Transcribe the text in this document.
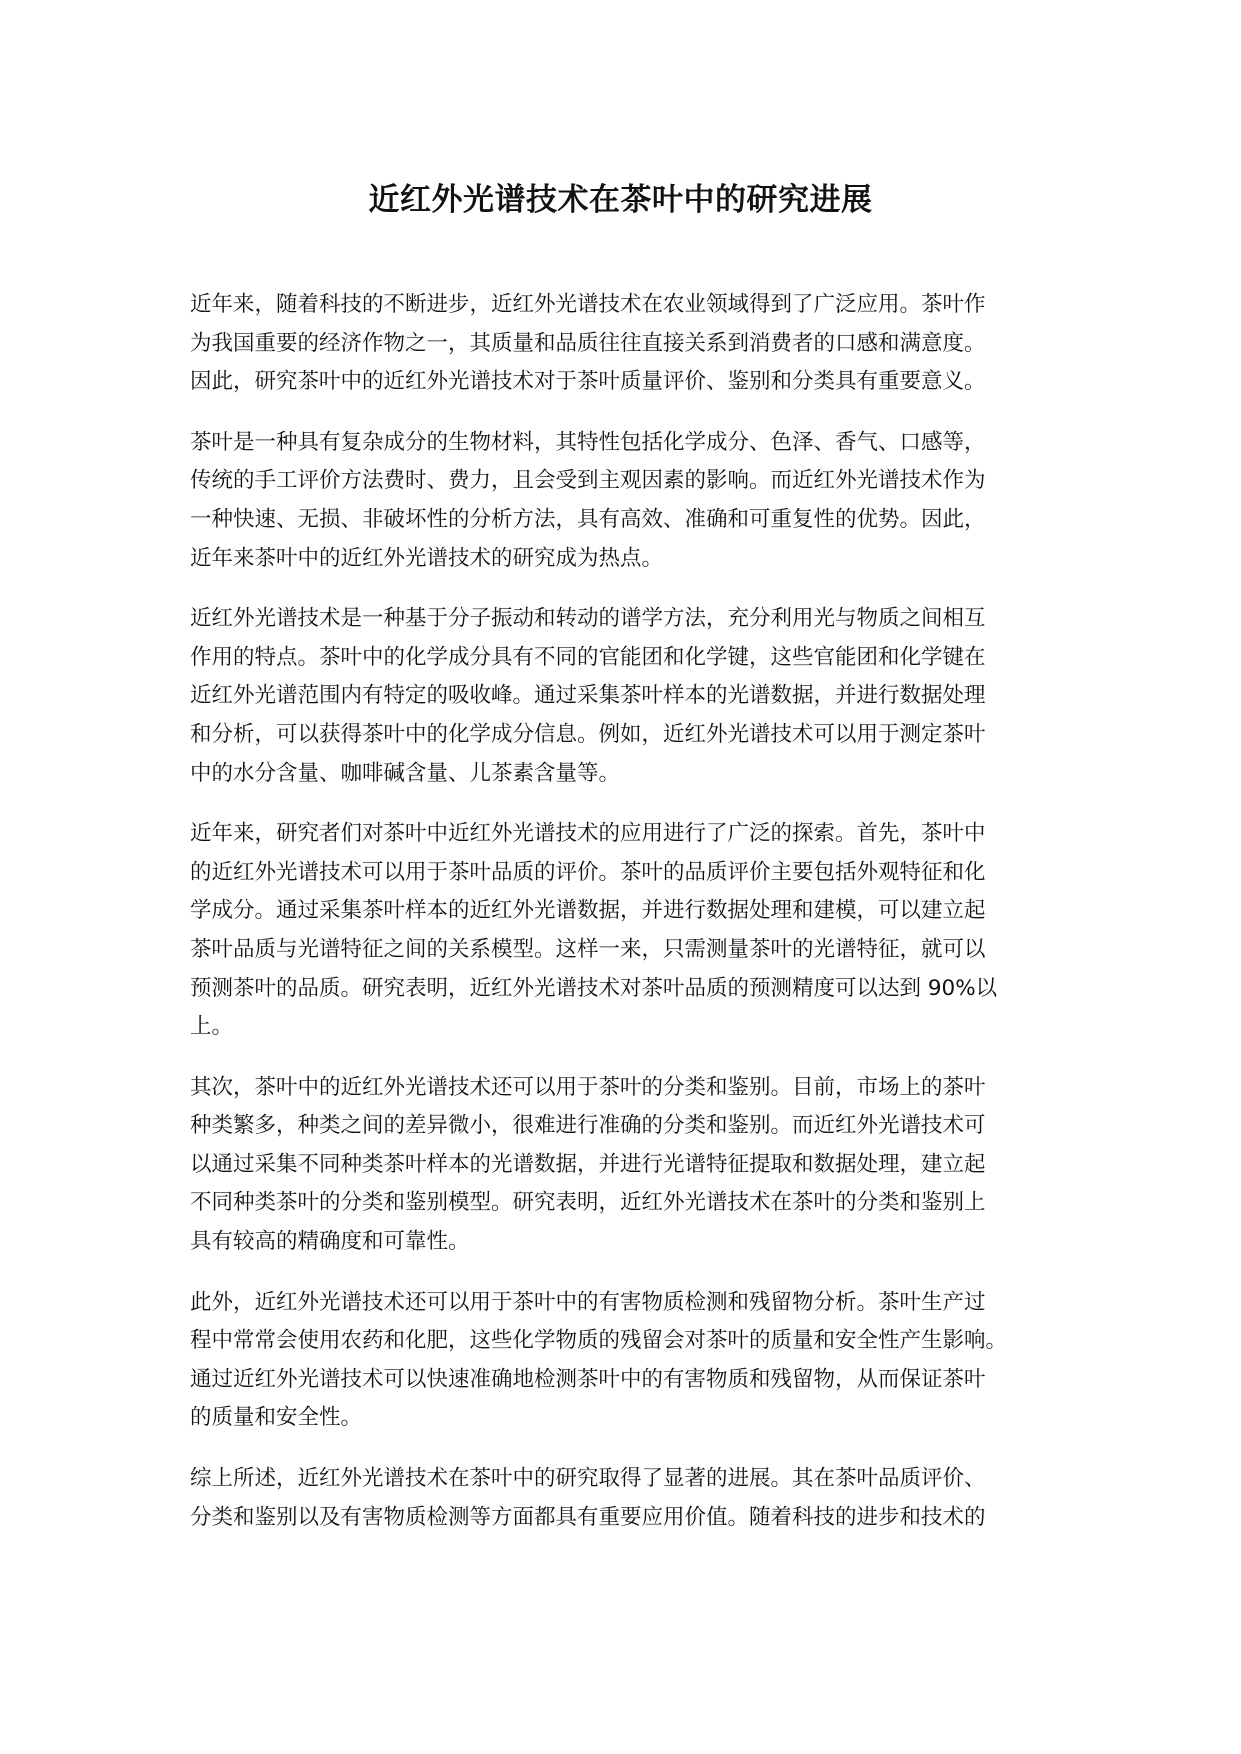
近红外光谱技术在茶叶中的研究进展
近年来，随着科技的不断进步，近红外光谱技术在农业领域得到了广泛应用。茶叶作
为我国重要的经济作物之一，其质量和品质往往直接关系到消费者的口感和满意度。
因此，研究茶叶中的近红外光谱技术对于茶叶质量评价、鉴别和分类具有重要意义。
茶叶是一种具有复杂成分的生物材料，其特性包括化学成分、色泽、香气、口感等，
传统的手工评价方法费时、费力，且会受到主观因素的影响。而近红外光谱技术作为
一种快速、无损、非破坏性的分析方法，具有高效、准确和可重复性的优势。因此，
近年来茶叶中的近红外光谱技术的研究成为热点。
近红外光谱技术是一种基于分子振动和转动的谱学方法，充分利用光与物质之间相互
作用的特点。茶叶中的化学成分具有不同的官能团和化学键，这些官能团和化学键在
近红外光谱范围内有特定的吸收峰。通过采集茶叶样本的光谱数据，并进行数据处理
和分析，可以获得茶叶中的化学成分信息。例如，近红外光谱技术可以用于测定茶叶
中的水分含量、咖啡碱含量、儿茶素含量等。
近年来，研究者们对茶叶中近红外光谱技术的应用进行了广泛的探索。首先，茶叶中
的近红外光谱技术可以用于茶叶品质的评价。茶叶的品质评价主要包括外观特征和化
学成分。通过采集茶叶样本的近红外光谱数据，并进行数据处理和建模，可以建立起
茶叶品质与光谱特征之间的关系模型。这样一来，只需测量茶叶的光谱特征，就可以
预测茶叶的品质。研究表明，近红外光谱技术对茶叶品质的预测精度可以达到 90%以
上。
其次，茶叶中的近红外光谱技术还可以用于茶叶的分类和鉴别。目前，市场上的茶叶
种类繁多，种类之间的差异微小，很难进行准确的分类和鉴别。而近红外光谱技术可
以通过采集不同种类茶叶样本的光谱数据，并进行光谱特征提取和数据处理，建立起
不同种类茶叶的分类和鉴别模型。研究表明，近红外光谱技术在茶叶的分类和鉴别上
具有较高的精确度和可靠性。
此外，近红外光谱技术还可以用于茶叶中的有害物质检测和残留物分析。茶叶生产过
程中常常会使用农药和化肥，这些化学物质的残留会对茶叶的质量和安全性产生影响。
通过近红外光谱技术可以快速准确地检测茶叶中的有害物质和残留物，从而保证茶叶
的质量和安全性。
综上所述，近红外光谱技术在茶叶中的研究取得了显著的进展。其在茶叶品质评价、
分类和鉴别以及有害物质检测等方面都具有重要应用价值。随着科技的进步和技术的
